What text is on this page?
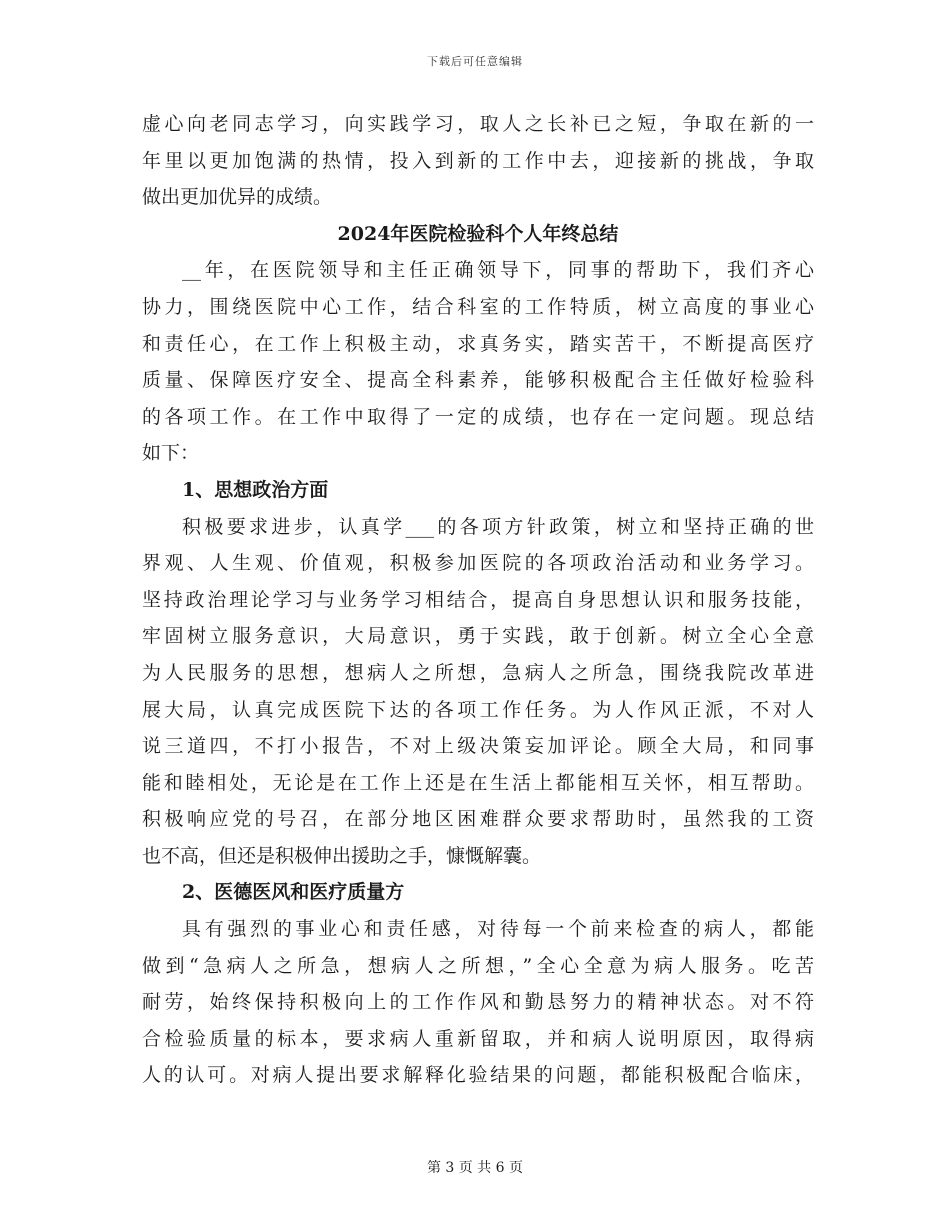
下载后可任意编辑
虚心向老同志学习，向实践学习，取人之长补已之短，争取在新的一
年里以更加饱满的热情，投入到新的工作中去，迎接新的挑战，争取
做出更加优异的成绩。
2024年医院检验科个人年终总结
__年，在医院领导和主任正确领导下，同事的帮助下，我们齐心
协力，围绕医院中心工作，结合科室的工作特质，树立高度的事业心
和责任心，在工作上积极主动，求真务实，踏实苦干，不断提高医疗
质量、保障医疗安全、提高全科素养，能够积极配合主任做好检验科
的各项工作。在工作中取得了一定的成绩，也存在一定问题。现总结
如下：
1、思想政治方面
积极要求进步，认真学___的各项方针政策，树立和坚持正确的世
界观、人生观、价值观，积极参加医院的各项政治活动和业务学习。
坚持政治理论学习与业务学习相结合，提高自身思想认识和服务技能，
牢固树立服务意识，大局意识，勇于实践，敢于创新。树立全心全意
为人民服务的思想，想病人之所想，急病人之所急，围绕我院改革进
展大局，认真完成医院下达的各项工作任务。为人作风正派，不对人
说三道四，不打小报告，不对上级决策妄加评论。顾全大局，和同事
能和睦相处，无论是在工作上还是在生活上都能相互关怀，相互帮助。
积极响应党的号召，在部分地区困难群众要求帮助时，虽然我的工资
也不高，但还是积极伸出援助之手，慷慨解囊。
2、医德医风和医疗质量方
具有强烈的事业心和责任感，对待每一个前来检查的病人，都能
做到“急病人之所急，想病人之所想，”全心全意为病人服务。吃苦
耐劳，始终保持积极向上的工作作风和勤恳努力的精神状态。对不符
合检验质量的标本，要求病人重新留取，并和病人说明原因，取得病
人的认可。对病人提出要求解释化验结果的问题，都能积极配合临床，
第 3 页 共 6 页
